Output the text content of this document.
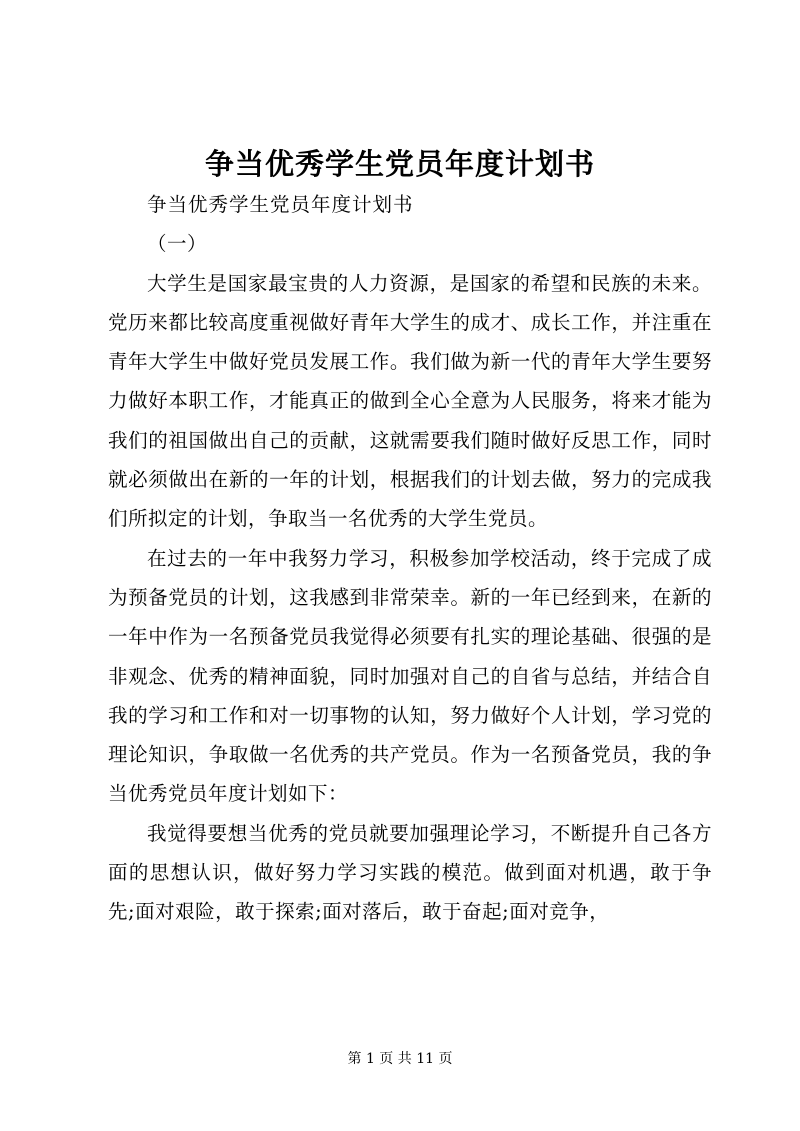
争当优秀学生党员年度计划书

争当优秀学生党员年度计划书

（一）

大学生是国家最宝贵的人力资源，是国家的希望和民族的未来。党历来都比较高度重视做好青年大学生的成才、成长工作，并注重在青年大学生中做好党员发展工作。我们做为新一代的青年大学生要努力做好本职工作，才能真正的做到全心全意为人民服务，将来才能为我们的祖国做出自己的贡献，这就需要我们随时做好反思工作，同时就必须做出在新的一年的计划，根据我们的计划去做，努力的完成我们所拟定的计划，争取当一名优秀的大学生党员。

在过去的一年中我努力学习，积极参加学校活动，终于完成了成为预备党员的计划，这我感到非常荣幸。新的一年已经到来，在新的一年中作为一名预备党员我觉得必须要有扎实的理论基础、很强的是非观念、优秀的精神面貌，同时加强对自己的自省与总结，并结合自我的学习和工作和对一切事物的认知，努力做好个人计划，学习党的理论知识，争取做一名优秀的共产党员。作为一名预备党员，我的争当优秀党员年度计划如下：

我觉得要想当优秀的党员就要加强理论学习，不断提升自己各方面的思想认识，做好努力学习实践的模范。做到面对机遇，敢于争先;面对艰险，敢于探索;面对落后，敢于奋起;面对竞争，

第 1 页 共 11 页
